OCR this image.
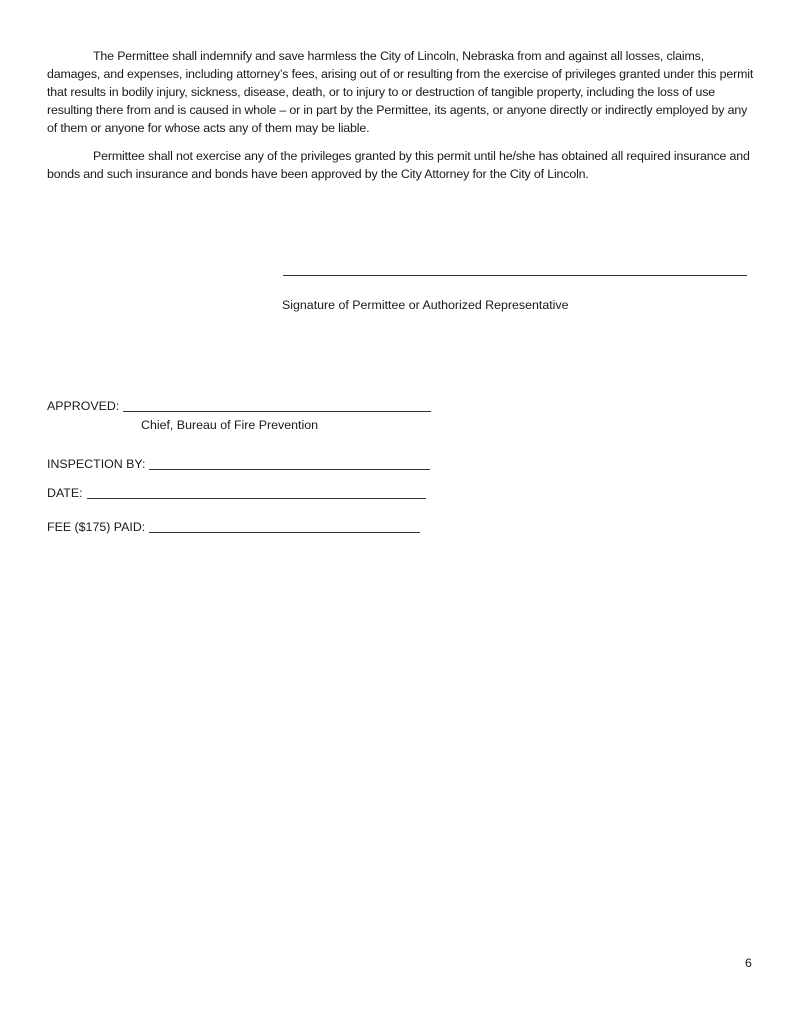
The Permittee shall indemnify and save harmless the City of Lincoln, Nebraska from and against all losses, claims, damages, and expenses, including attorney’s fees, arising out of or resulting from the exercise of privileges granted under this permit that results in bodily injury, sickness, disease, death, or to injury to or destruction of tangible property, including the loss of use resulting there from and is caused in whole – or in part by the Permittee, its agents, or anyone directly or indirectly employed by any of them or anyone for whose acts any of them may be liable.

Permittee shall not exercise any of the privileges granted by this permit until he/she has obtained all required insurance and bonds and such insurance and bonds have been approved by the City Attorney for the City of Lincoln.

Signature of Permittee or Authorized Representative
APPROVED:
Chief, Bureau of Fire Prevention
INSPECTION BY:
DATE:
FEE ($175) PAID:
6
